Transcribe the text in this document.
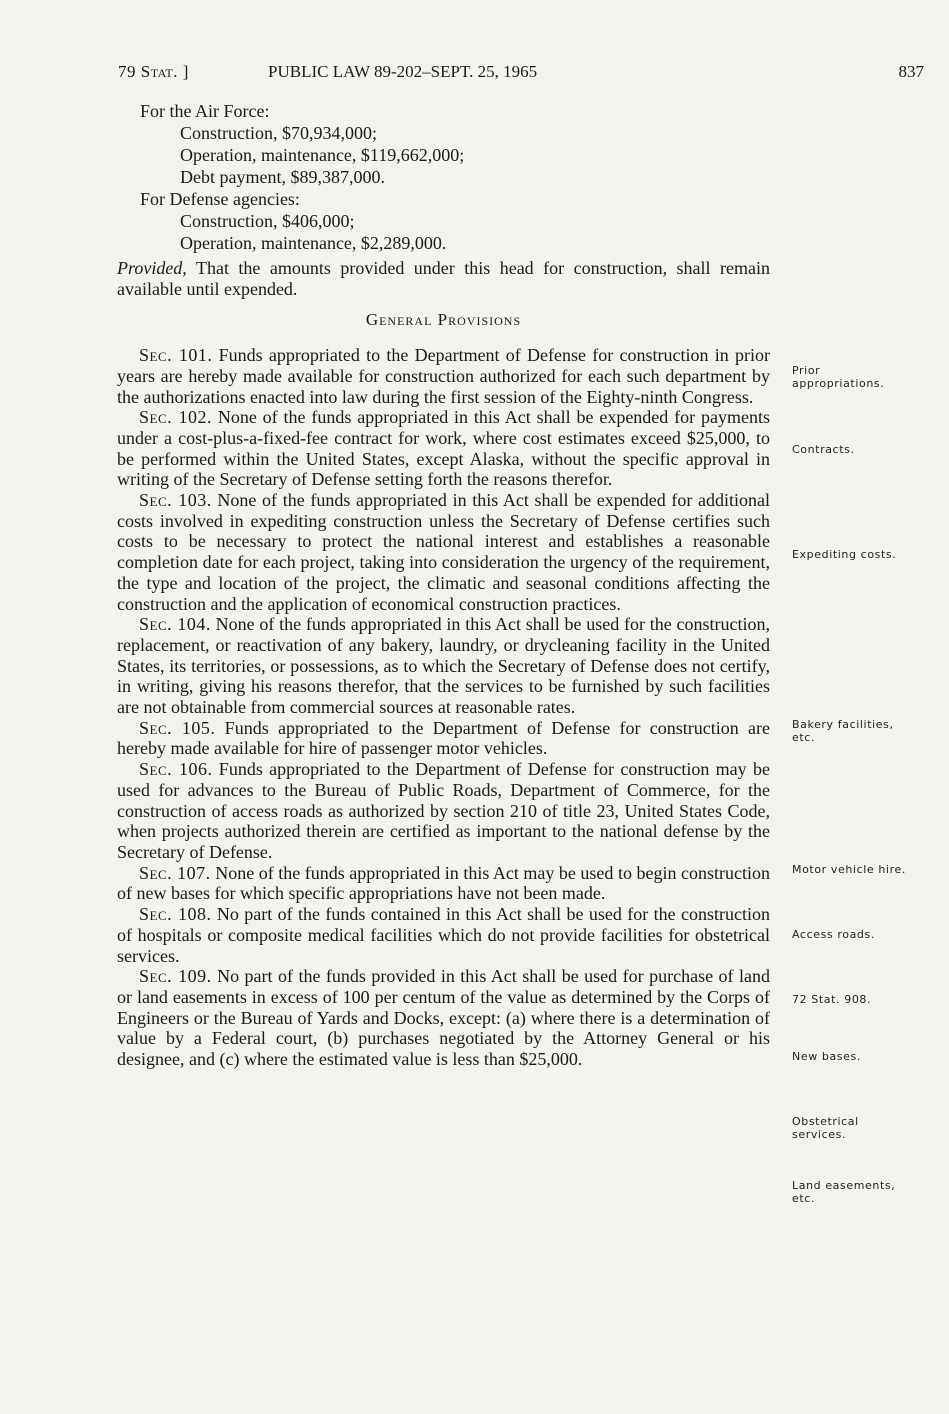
79 Stat. ]	PUBLIC LAW 89-202–SEPT. 25, 1965	837
For the Air Force:
Construction, $70,934,000;
Operation, maintenance, $119,662,000;
Debt payment, $89,387,000.
For Defense agencies:
Construction, $406,000;
Operation, maintenance, $2,289,000.

Provided, That the amounts provided under this head for construction, shall remain available until expended.

General Provisions

Sec. 101. Funds appropriated to the Department of Defense for construction in prior years are hereby made available for construction authorized for each such department by the authorizations enacted into law during the first session of the Eighty-ninth Congress.

Sec. 102. None of the funds appropriated in this Act shall be expended for payments under a cost-plus-a-fixed-fee contract for work, where cost estimates exceed $25,000, to be performed within the United States, except Alaska, without the specific approval in writing of the Secretary of Defense setting forth the reasons therefor.

Sec. 103. None of the funds appropriated in this Act shall be expended for additional costs involved in expediting construction unless the Secretary of Defense certifies such costs to be necessary to protect the national interest and establishes a reasonable completion date for each project, taking into consideration the urgency of the requirement, the type and location of the project, the climatic and seasonal conditions affecting the construction and the application of economical construction practices.

Sec. 104. None of the funds appropriated in this Act shall be used for the construction, replacement, or reactivation of any bakery, laundry, or drycleaning facility in the United States, its territories, or possessions, as to which the Secretary of Defense does not certify, in writing, giving his reasons therefor, that the services to be furnished by such facilities are not obtainable from commercial sources at reasonable rates.

Sec. 105. Funds appropriated to the Department of Defense for construction are hereby made available for hire of passenger motor vehicles.

Sec. 106. Funds appropriated to the Department of Defense for construction may be used for advances to the Bureau of Public Roads, Department of Commerce, for the construction of access roads as authorized by section 210 of title 23, United States Code, when projects authorized therein are certified as important to the national defense by the Secretary of Defense.

Sec. 107. None of the funds appropriated in this Act may be used to begin construction of new bases for which specific appropriations have not been made.

Sec. 108. No part of the funds contained in this Act shall be used for the construction of hospitals or composite medical facilities which do not provide facilities for obstetrical services.

Sec. 109. No part of the funds provided in this Act shall be used for purchase of land or land easements in excess of 100 per centum of the value as determined by the Corps of Engineers or the Bureau of Yards and Docks, except: (a) where there is a determination of value by a Federal court, (b) purchases negotiated by the Attorney General or his designee, and (c) where the estimated value is less than $25,000.

Prior appropriations.
Contracts.
Expediting costs.
Bakery facilities, etc.
Motor vehicle hire.
Access roads.
72 Stat. 908.
New bases.
Obstetrical services.
Land easements, etc.
